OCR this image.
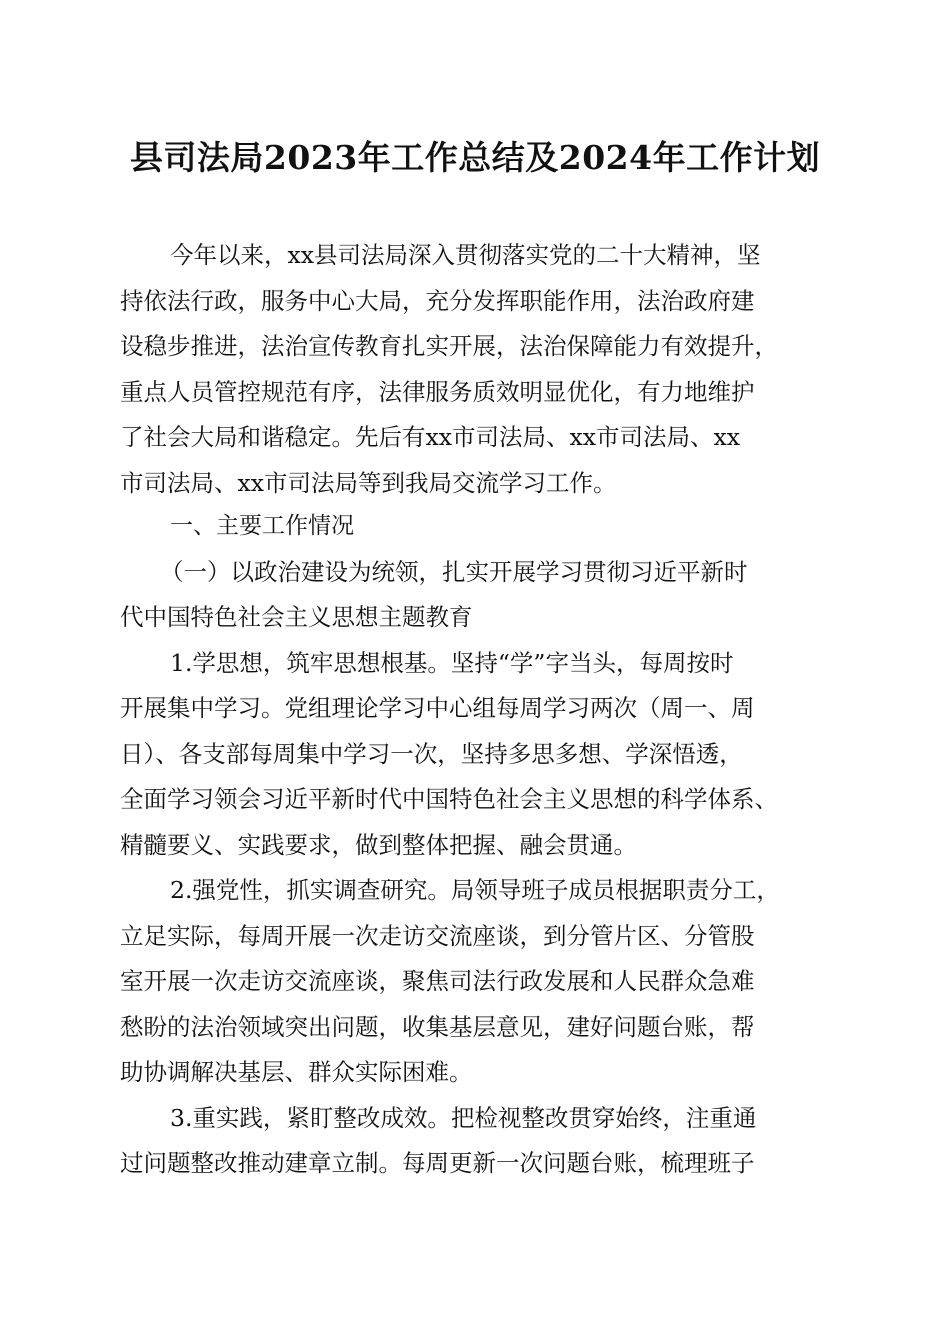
县司法局2023年工作总结及2024年工作计划
今年以来，xx县司法局深入贯彻落实党的二十大精神，坚
持依法行政，服务中心大局，充分发挥职能作用，法治政府建
设稳步推进，法治宣传教育扎实开展，法治保障能力有效提升，
重点人员管控规范有序，法律服务质效明显优化，有力地维护
了社会大局和谐稳定。先后有xx市司法局、xx市司法局、xx
市司法局、xx市司法局等到我局交流学习工作。
一、主要工作情况
（一）以政治建设为统领，扎实开展学习贯彻习近平新时
代中国特色社会主义思想主题教育
1.学思想，筑牢思想根基。坚持“学”字当头，每周按时
开展集中学习。党组理论学习中心组每周学习两次（周一、周
日）、各支部每周集中学习一次，坚持多思多想、学深悟透，
全面学习领会习近平新时代中国特色社会主义思想的科学体系、
精髓要义、实践要求，做到整体把握、融会贯通。
2.强党性，抓实调查研究。局领导班子成员根据职责分工，
立足实际，每周开展一次走访交流座谈，到分管片区、分管股
室开展一次走访交流座谈，聚焦司法行政发展和人民群众急难
愁盼的法治领域突出问题，收集基层意见，建好问题台账，帮
助协调解决基层、群众实际困难。
3.重实践，紧盯整改成效。把检视整改贯穿始终，注重通
过问题整改推动建章立制。每周更新一次问题台账，梳理班子
